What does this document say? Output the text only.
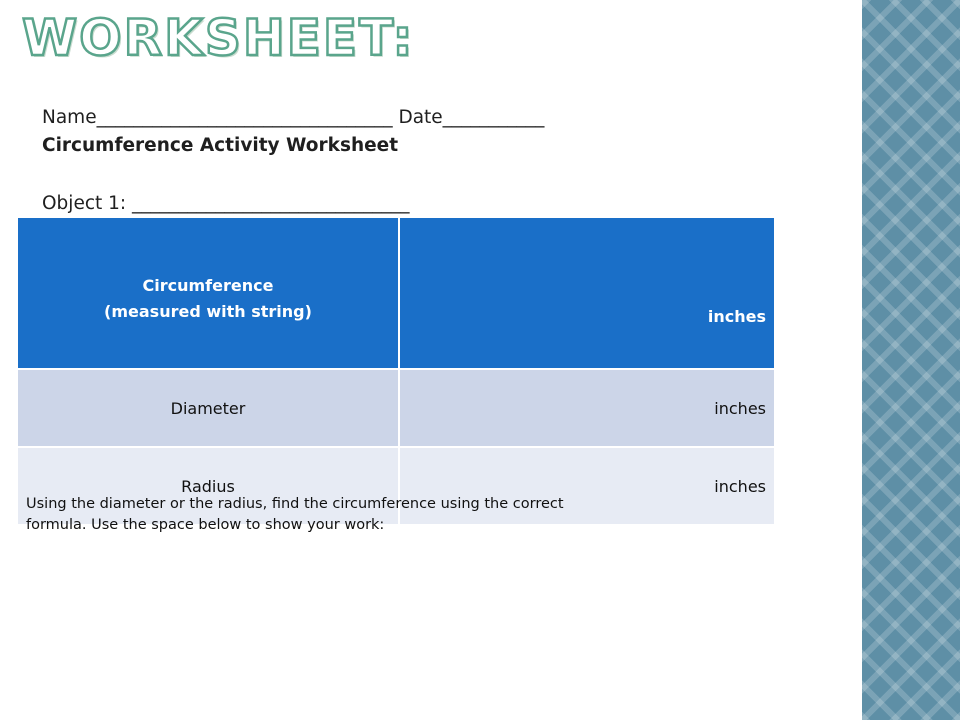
WORKSHEET:
Name________________________________ Date___________
Circumference Activity Worksheet
Object 1: ______________________________
Circumference
(measured with string)	inches
Diameter	inches
Radius	inches
Using the diameter or the radius, find the circumference using the correct formula. Use the space below to show your work:
